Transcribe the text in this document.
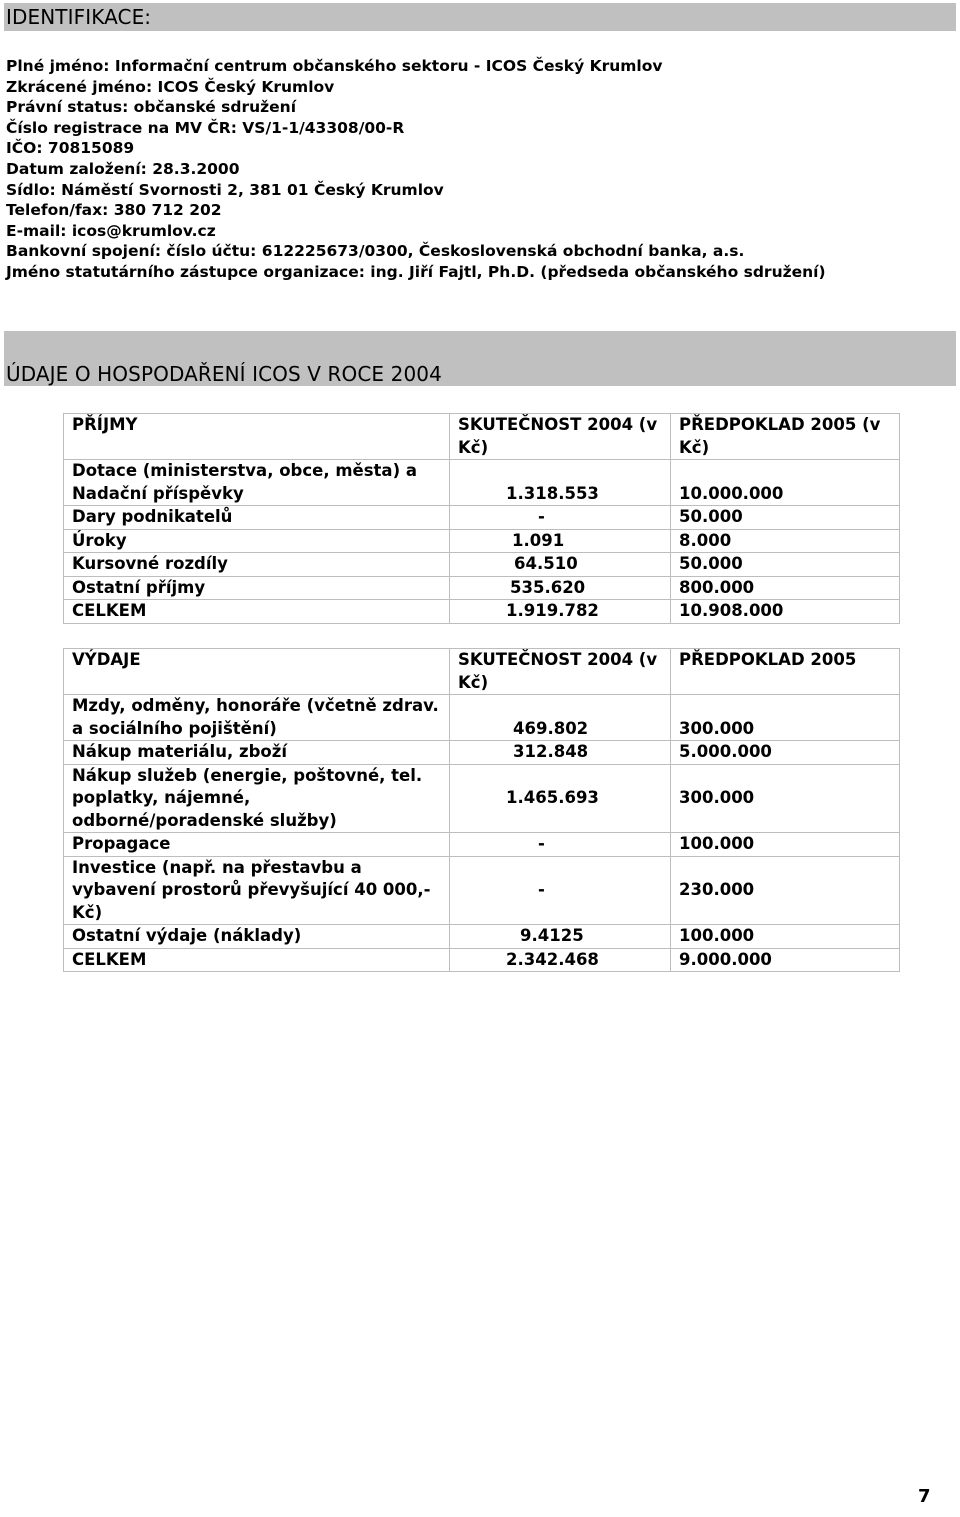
IDENTIFIKACE:
Plné jméno: Informační centrum občanského sektoru - ICOS Český Krumlov
Zkrácené jméno: ICOS Český Krumlov
Právní status: občanské sdružení
Číslo registrace na MV ČR: VS/1-1/43308/00-R
IČO: 70815089
Datum založení: 28.3.2000
Sídlo: Náměstí Svornosti 2, 381 01 Český Krumlov
Telefon/fax: 380 712 202
E-mail: icos@krumlov.cz
Bankovní spojení: číslo účtu: 612225673/0300, Československá obchodní banka, a.s.
Jméno statutárního zástupce organizace: ing. Jiří Fajtl, Ph.D. (předseda občanského sdružení)
ÚDAJE O HOSPODAŘENÍ ICOS V ROCE 2004
PŘÍJMY	SKUTEČNOST 2004 (v Kč)	PŘEDPOKLAD 2005 (v Kč)
Dotace (ministerstva, obce, města) a Nadační příspěvky	1.318.553	10.000.000
Dary podnikatelů	-	50.000
Úroky	1.091	8.000
Kursovné rozdíly	64.510	50.000
Ostatní příjmy	535.620	800.000
CELKEM	1.919.782	10.908.000
VÝDAJE	SKUTEČNOST 2004 (v Kč)	PŘEDPOKLAD 2005
Mzdy, odměny, honoráře (včetně zdrav. a sociálního pojištění)	469.802	300.000
Nákup materiálu, zboží	312.848	5.000.000
Nákup služeb (energie, poštovné, tel. poplatky, nájemné, odborné/poradenské služby)	1.465.693	300.000
Propagace	-	100.000
Investice (např. na přestavbu a vybavení prostorů převyšující 40 000,- Kč)	-	230.000
Ostatní výdaje (náklady)	9.4125	100.000
CELKEM	2.342.468	9.000.000
7
